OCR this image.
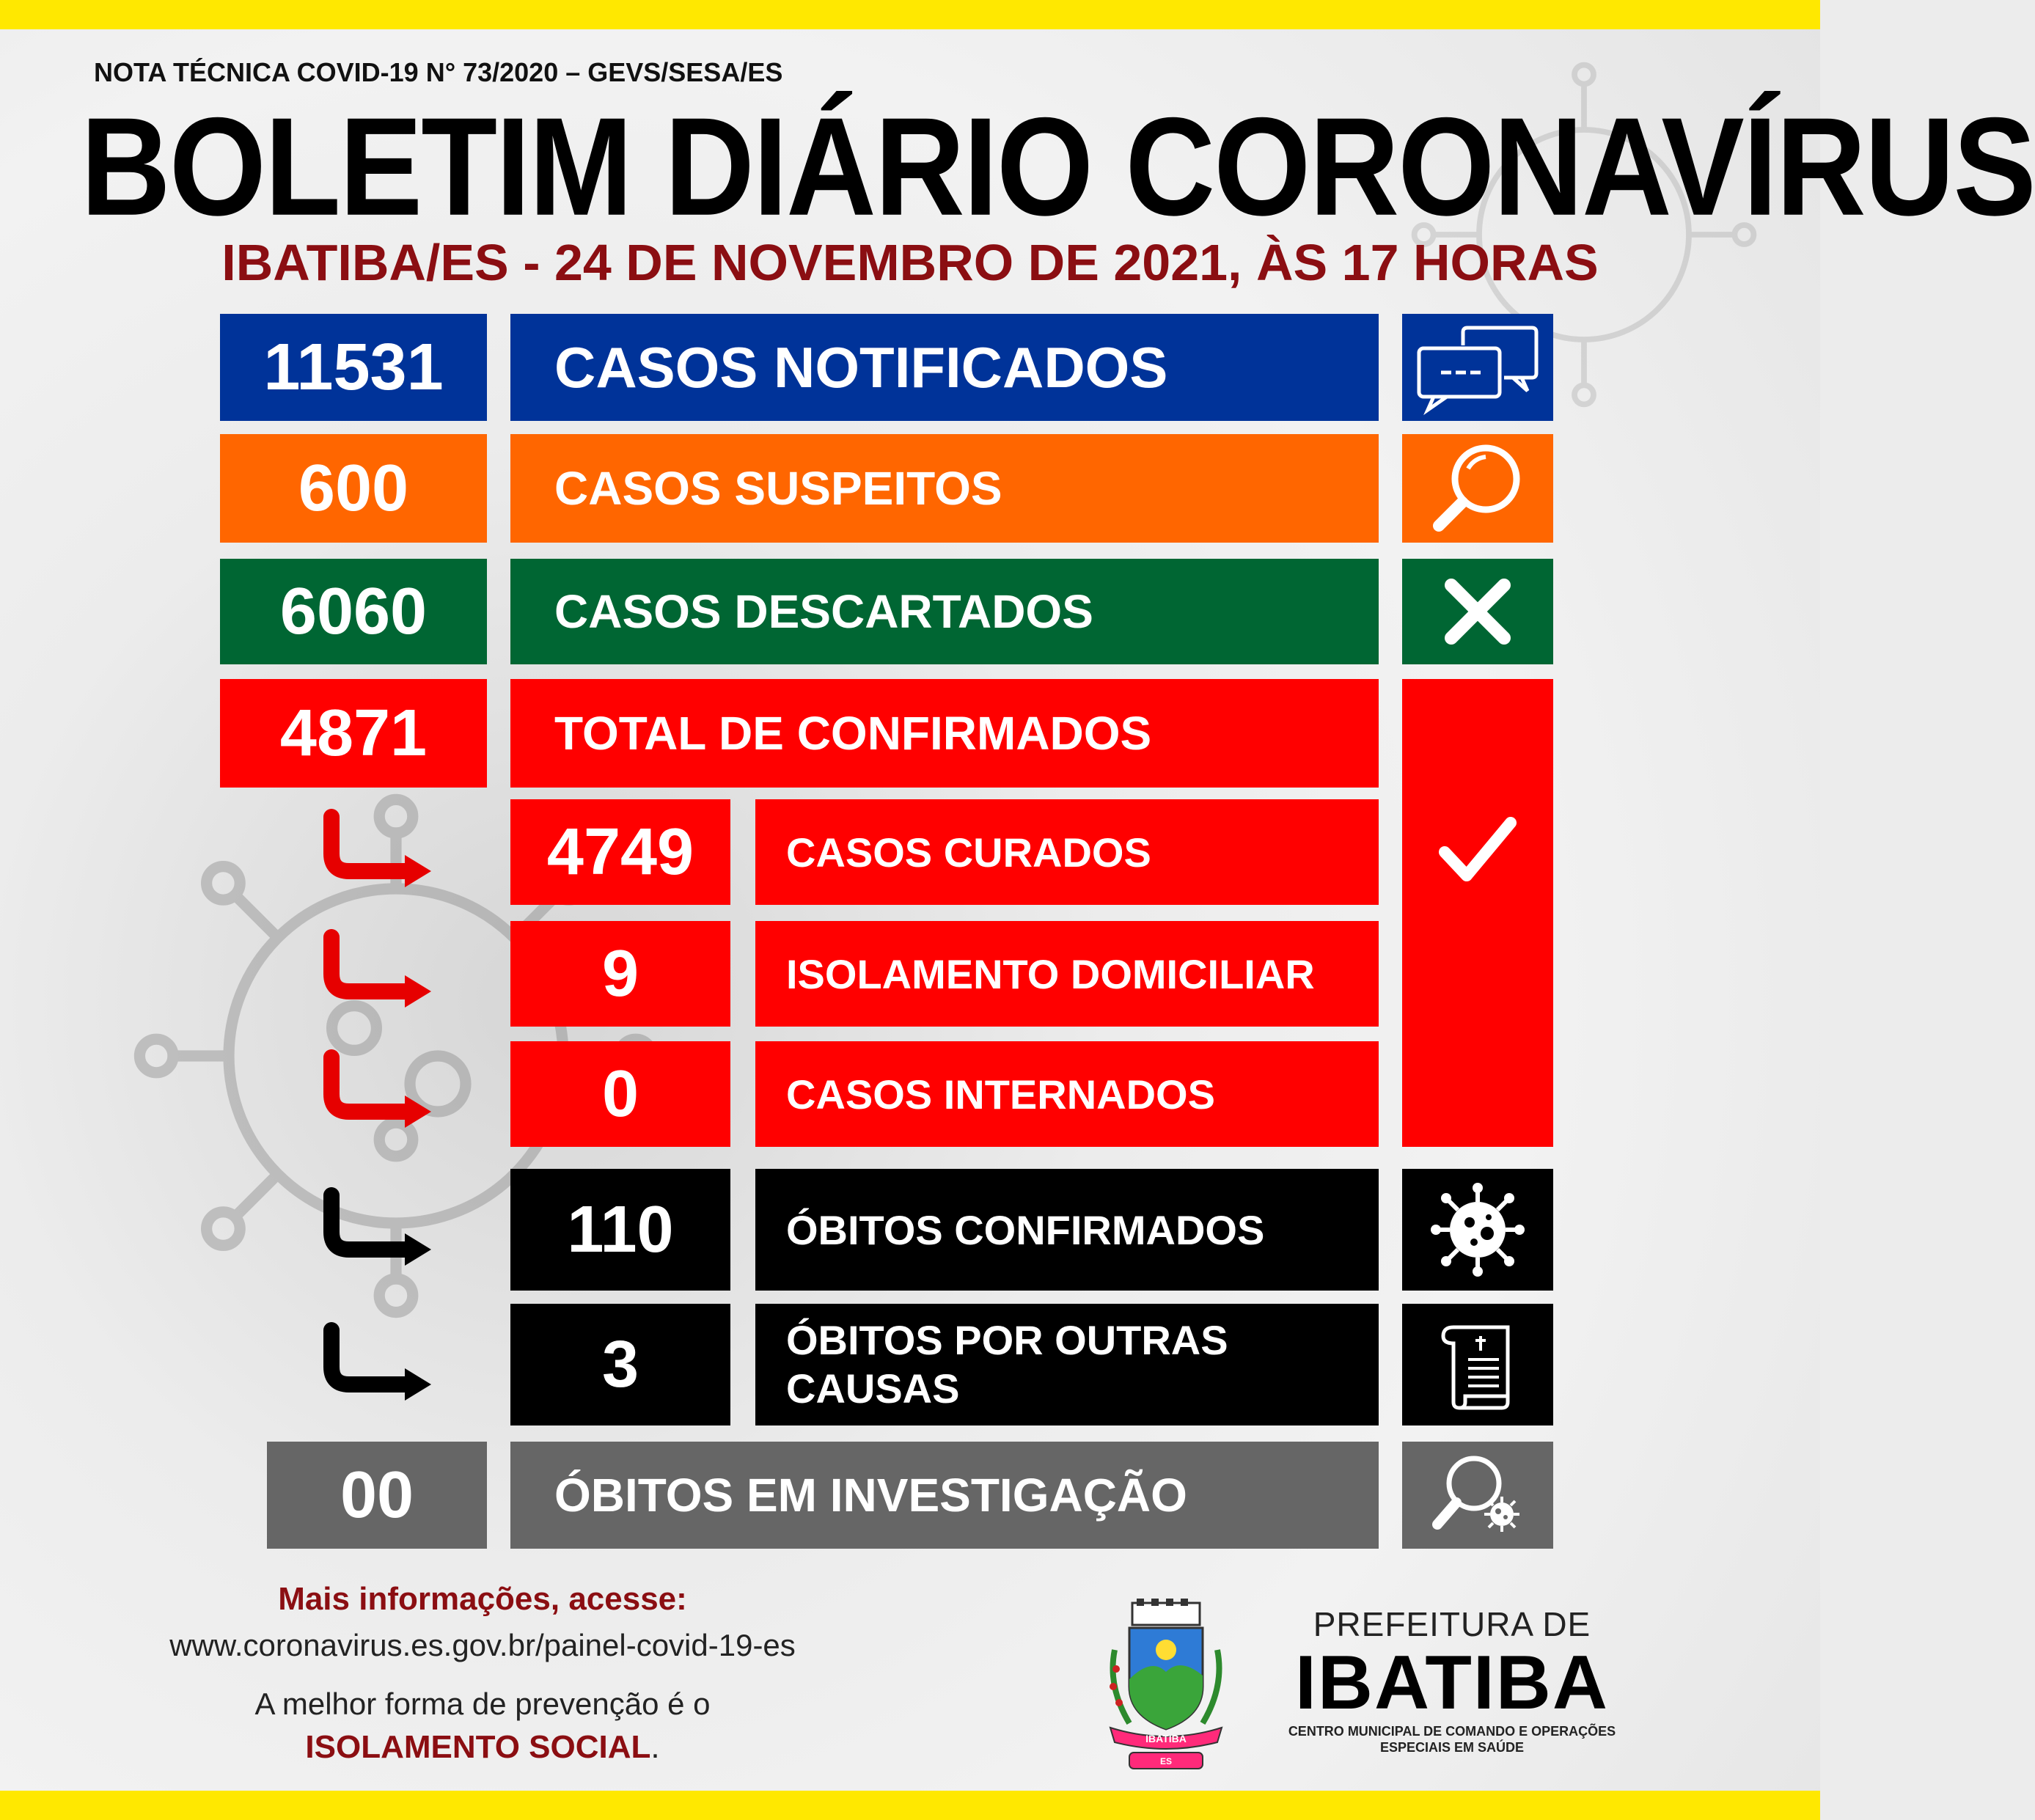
NOTA TÉCNICA COVID-19 N° 73/2020 – GEVS/SESA/ES
BOLETIM DIÁRIO CORONAVÍRUS
IBATIBA/ES - 24 DE NOVEMBRO DE 2021, ÀS 17 HORAS
11531	CASOS NOTIFICADOS
600	CASOS SUSPEITOS
6060	CASOS DESCARTADOS
4871	TOTAL DE CONFIRMADOS
4749	CASOS CURADOS
9	ISOLAMENTO DOMICILIAR
0	CASOS INTERNADOS
110	ÓBITOS CONFIRMADOS
3	ÓBITOS POR OUTRAS
CAUSAS
00	ÓBITOS EM INVESTIGAÇÃO
Mais informações, acesse:
www.coronavirus.es.gov.br/painel-covid-19-es
A melhor forma de prevenção é o
ISOLAMENTO SOCIAL.	IBATIBA
ES
PREFEITURA DE
IBATIBA
CENTRO MUNICIPAL DE COMANDO E OPERAÇÕES
ESPECIAIS EM SAÚDE
